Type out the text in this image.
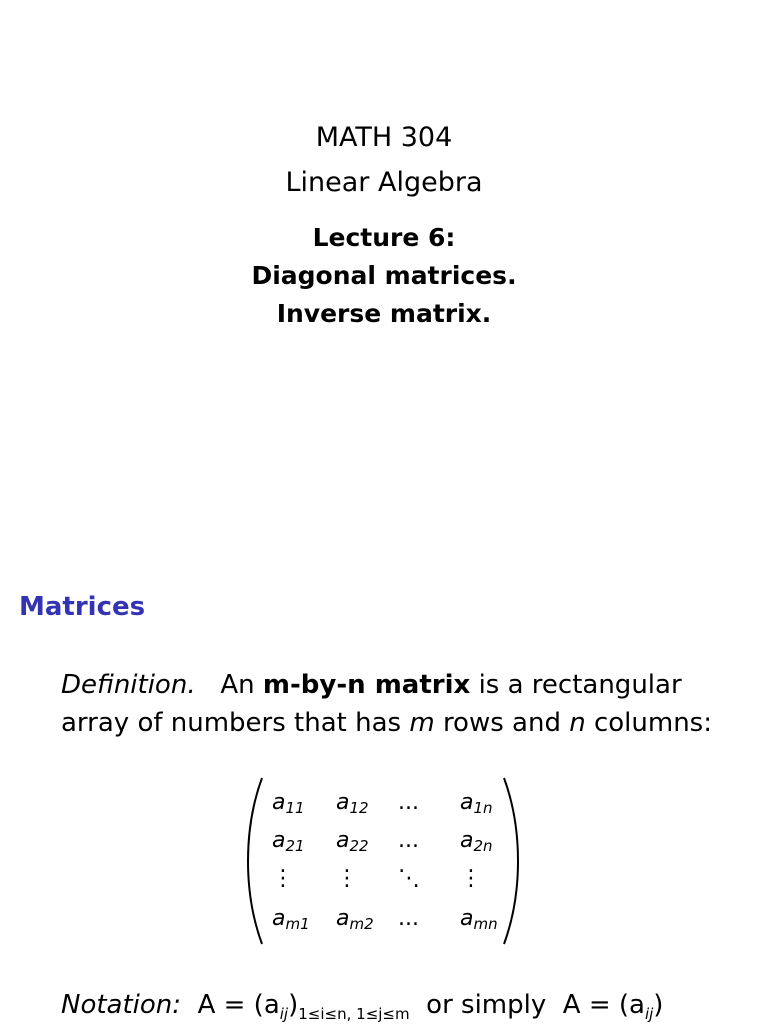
MATH 304
Linear Algebra
Lecture 6:
Diagonal matrices.
Inverse matrix.
Matrices
Definition. An m-by-n matrix is a rectangular
array of numbers that has m rows and n columns:
$a_{11}$ $a_{12}$ ... $a_{1n}$
$a_{21}$ $a_{22}$ ... $a_{2n}$
⋮ ⋮ ⋱ ⋮
$a_{m1}$ $a_{m2}$ ... $a_{mn}$
Notation: $A = (a_{ij})_{1\le i\le n, 1\le j\le m}$ or simply $A = (a_{ij})$
